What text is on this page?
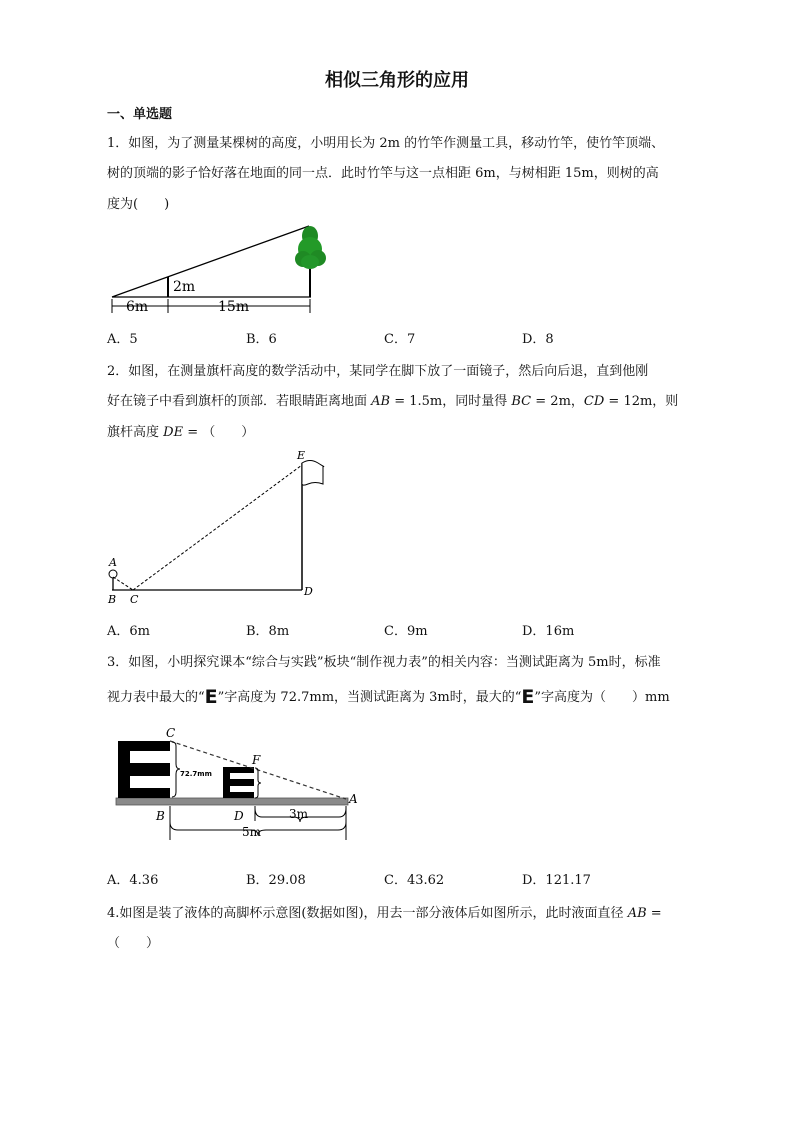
相似三角形的应用
一、单选题
1．如图，为了测量某棵树的高度，小明用长为 2m 的竹竿作测量工具，移动竹竿，使竹竿顶端、
树的顶端的影子恰好落在地面的同一点．此时竹竿与这一点相距 6m，与树相距 15m，则树的高
度为(　　)
2m
6m	15m
A．5	B．6	C．7	D．8
2．如图，在测量旗杆高度的数学活动中，某同学在脚下放了一面镜子，然后向后退，直到他刚
好在镜子中看到旗杆的顶部．若眼睛距离地面 AB = 1.5m，同时量得 BC = 2m，CD = 12m，则
旗杆高度 DE = （　　）
E
A
B C
D
A．6m	B．8m	C．9m	D．16m
3．如图，小明探究课本“综合与实践”板块“制作视力表”的相关内容：当测试距离为 5m时，标准
视力表中最大的“E”字高度为 72.7mm，当测试距离为 3m时，最大的“E”字高度为（　　）mm
72.7mm
C
F
B	D
A
3m
5m
A．4.36	B．29.08	C．43.62	D．121.17
4.如图是装了液体的高脚杯示意图(数据如图)，用去一部分液体后如图所示，此时液面直径 AB =
（　　）
